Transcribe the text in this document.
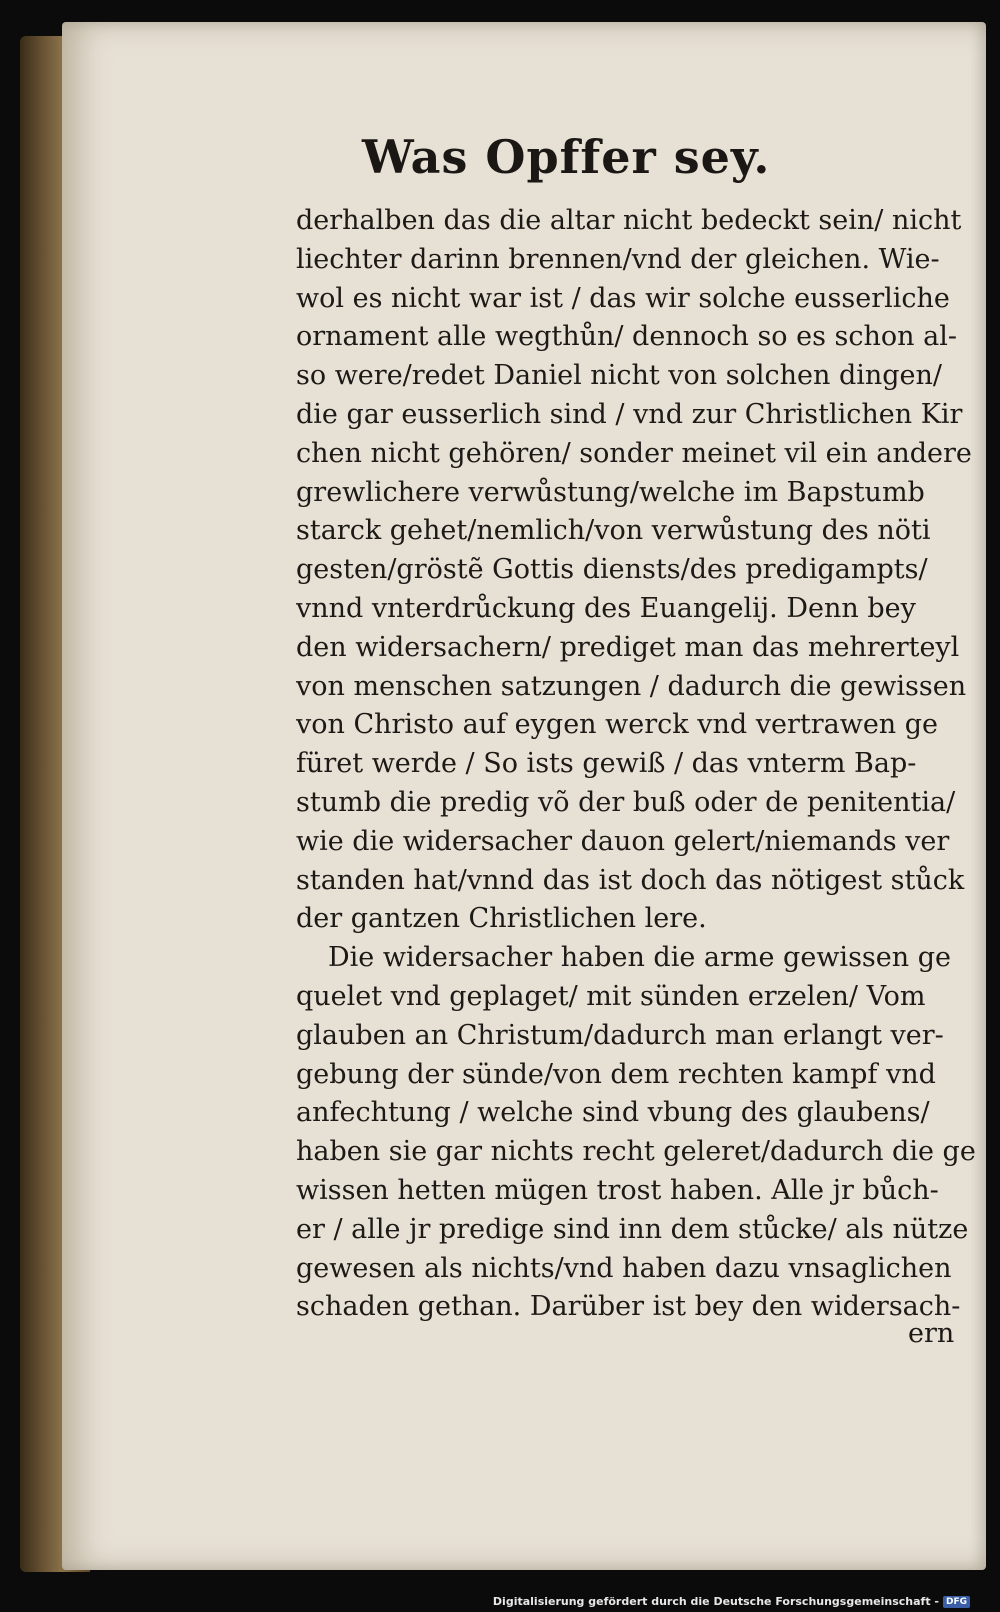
Was Opffer sey.
derhalben das die altar nicht bedeckt sein/ nicht
liechter darinn brennen/vnd der gleichen. Wie-
wol es nicht war ist / das wir solche eusserliche
ornament alle wegthůn/ dennoch so es schon al-
so were/redet Daniel nicht von solchen dingen/
die gar eusserlich sind / vnd zur Christlichen Kir
chen nicht gehören/ sonder meinet vil ein andere
grewlichere verwůstung/welche im Bapstumb
starck gehet/nemlich/von verwůstung des nöti
gesten/gröstẽ Gottis diensts/des predigampts/
vnnd vnterdrůckung des Euangelij. Denn bey
den widersachern/ prediget man das mehrerteyl
von menschen satzungen / dadurch die gewissen
von Christo auf eygen werck vnd vertrawen ge
füret werde / So ists gewiß / das vnterm Bap-
stumb die predig võ der buß oder de penitentia/
wie die widersacher dauon gelert/niemands ver
standen hat/vnnd das ist doch das nötigest stůck
der gantzen Christlichen lere.
Die widersacher haben die arme gewissen ge
quelet vnd geplaget/ mit sünden erzelen/ Vom
glauben an Christum/dadurch man erlangt ver-
gebung der sünde/von dem rechten kampf vnd
anfechtung / welche sind vbung des glaubens/
haben sie gar nichts recht geleret/dadurch die ge
wissen hetten mügen trost haben. Alle jr bůch-
er / alle jr predige sind inn dem stůcke/ als nütze
gewesen als nichts/vnd haben dazu vnsaglichen
schaden gethan. Darüber ist bey den widersach-
ern
Digitalisierung gefördert durch die Deutsche Forschungsgemeinschaft - DFG
